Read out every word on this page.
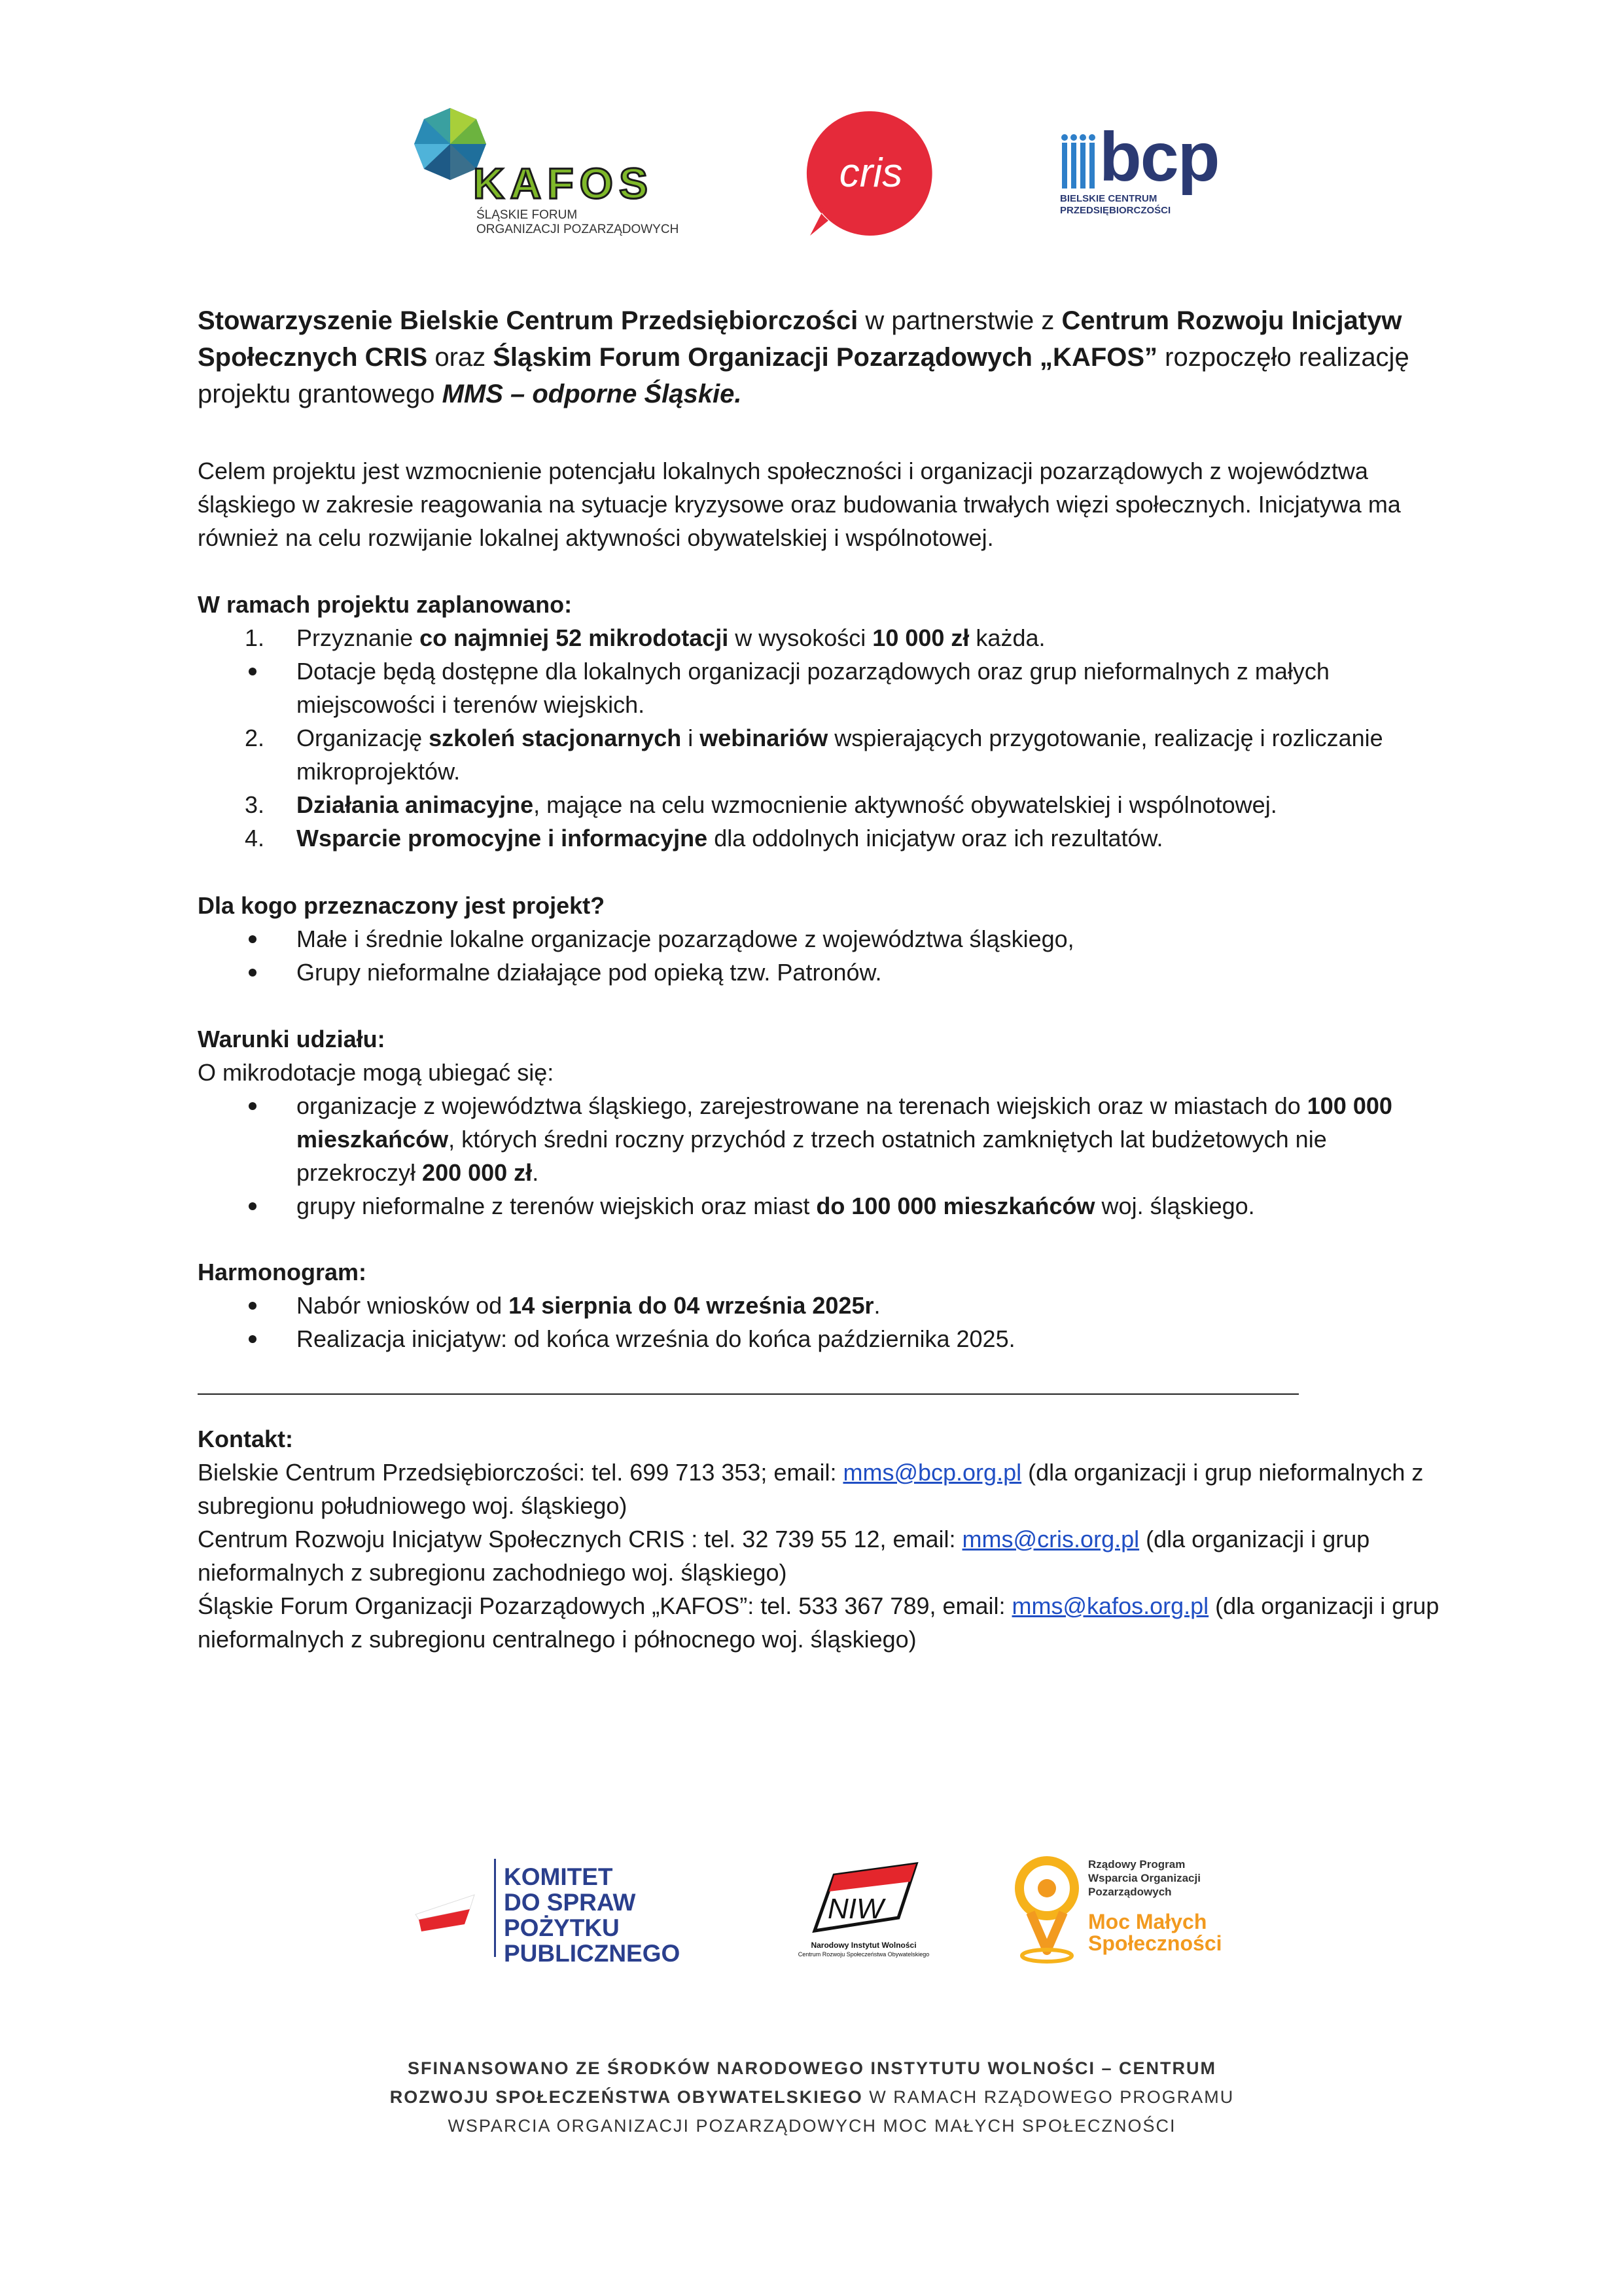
KAFOS
ŚLĄSKIE FORUM
ORGANIZACJI POZARZĄDOWYCH
cris	bcp
BIELSKIE CENTRUM
PRZEDSIĘBIORCZOŚCI

Stowarzyszenie Bielskie Centrum Przedsiębiorczości w partnerstwie z Centrum Rozwoju Inicjatyw Społecznych CRIS oraz Śląskim Forum Organizacji Pozarządowych „KAFOS” rozpoczęło realizację projektu grantowego MMS – odporne Śląskie.

Celem projektu jest wzmocnienie potencjału lokalnych społeczności i organizacji pozarządowych z województwa śląskiego w zakresie reagowania na sytuacje kryzysowe oraz budowania trwałych więzi społecznych. Inicjatywa ma również na celu rozwijanie lokalnej aktywności obywatelskiej i wspólnotowej.

W ramach projektu zaplanowano:
1.	Przyznanie co najmniej 52 mikrodotacji w wysokości 10 000 zł każda.
Dotacje będą dostępne dla lokalnych organizacji pozarządowych oraz grup nieformalnych z małych miejscowości i terenów wiejskich.
2.	Organizację szkoleń stacjonarnych i webinariów wspierających przygotowanie, realizację i rozliczanie mikroprojektów.
3.	Działania animacyjne, mające na celu wzmocnienie aktywność obywatelskiej i wspólnotowej.
4.	Wsparcie promocyjne i informacyjne dla oddolnych inicjatyw oraz ich rezultatów.
Dla kogo przeznaczony jest projekt?
Małe i średnie lokalne organizacje pozarządowe z województwa śląskiego,
Grupy nieformalne działające pod opieką tzw. Patronów.
Warunki udziału:
O mikrodotacje mogą ubiegać się:
organizacje z województwa śląskiego, zarejestrowane na terenach wiejskich oraz w miastach do 100 000 mieszkańców, których średni roczny przychód z trzech ostatnich zamkniętych lat budżetowych nie przekroczył 200 000 zł.
grupy nieformalne z terenów wiejskich oraz miast do 100 000 mieszkańców woj. śląskiego.
Harmonogram:
Nabór wniosków od 14 sierpnia do 04 września 2025r.
Realizacja inicjatyw: od końca września do końca października 2025.
Kontakt:

Bielskie Centrum Przedsiębiorczości: tel. 699 713 353; email: mms@bcp.org.pl (dla organizacji i grup nieformalnych z subregionu południowego woj. śląskiego)

Centrum Rozwoju Inicjatyw Społecznych CRIS : tel. 32 739 55 12, email: mms@cris.org.pl (dla organizacji i grup nieformalnych z subregionu zachodniego woj. śląskiego)

Śląskie Forum Organizacji Pozarządowych „KAFOS”: tel. 533 367 789, email: mms@kafos.org.pl (dla organizacji i grup nieformalnych z subregionu centralnego i północnego woj. śląskiego)

KOMITET
DO SPRAW
POŻYTKU
PUBLICZNEGO
NIW
Narodowy Instytut Wolności
Centrum Rozwoju Społeczeństwa Obywatelskiego
Rządowy Program
Wsparcia Organizacji
Pozarządowych
Moc Małych
Społeczności
SFINANSOWANO ZE ŚRODKÓW NARODOWEGO INSTYTUTU WOLNOŚCI – CENTRUM
ROZWOJU SPOŁECZEŃSTWA OBYWATELSKIEGO W RAMACH RZĄDOWEGO PROGRAMU
WSPARCIA ORGANIZACJI POZARZĄDOWYCH MOC MAŁYCH SPOŁECZNOŚCI
